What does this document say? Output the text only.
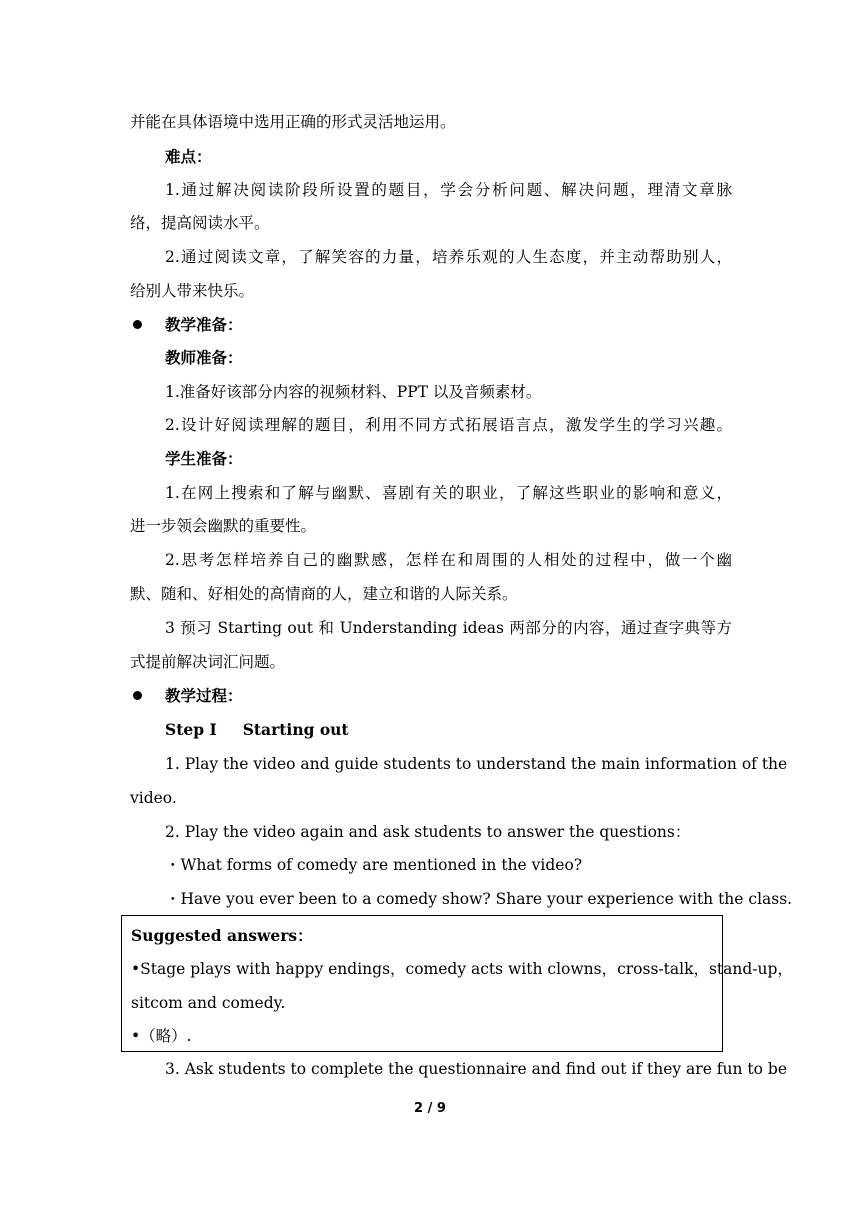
并能在具体语境中选用正确的形式灵活地运用。
难点：
1.通过解决阅读阶段所设置的题目，学会分析问题、解决问题，理清文章脉
络，提高阅读水平。
2.通过阅读文章，了解笑容的力量，培养乐观的人生态度，并主动帮助别人，
给别人带来快乐。
教学准备：
教师准备：
1.准备好该部分内容的视频材料、PPT 以及音频素材。
2.设计好阅读理解的题目，利用不同方式拓展语言点，激发学生的学习兴趣。
学生准备：
1.在网上搜索和了解与幽默、喜剧有关的职业，了解这些职业的影响和意义，
进一步领会幽默的重要性。
2.思考怎样培养自己的幽默感，怎样在和周围的人相处的过程中，做一个幽
默、随和、好相处的高情商的人，建立和谐的人际关系。
3 预习 Starting out 和 Understanding ideas 两部分的内容，通过查字典等方
式提前解决词汇问题。
教学过程：
Step I Starting out
1. Play the video and guide students to understand the main information of the
video.
2. Play the video again and ask students to answer the questions：
・What forms of comedy are mentioned in the video?
・Have you ever been to a comedy show? Share your experience with the class.
Suggested answers：
•Stage plays with happy endings，comedy acts with clowns，cross-talk，stand-up，
sitcom and comedy.
•（略）.
3. Ask students to complete the questionnaire and find out if they are fun to be
2 / 9
